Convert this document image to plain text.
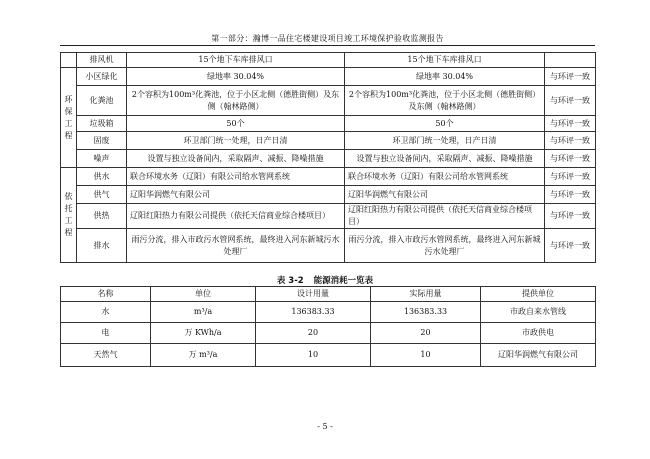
第一部分：瀚博一品住宅楼建设项目竣工环境保护验收监测报告
	排风机	15个地下车库排风口	15个地下车库排风口	
环保工程	小区绿化	绿地率 30.04%	绿地率 30.04%	与环评一致
	化粪池	2个容积为100m³化粪池，位于小区北侧（德胜街侧）及东侧（翰林路侧）	2个容积为100m³化粪池，位于小区北侧（德胜街侧）及东侧（翰林路侧）	与环评一致
	垃圾箱	50个	50个	与环评一致
	固废	环卫部门统一处理，日产日清	环卫部门统一处理，日产日清	与环评一致
	噪声	设置与独立设备间内，采取隔声、减振、降噪措施	设置与独立设备间内，采取隔声、减振、降噪措施	与环评一致
依托工程	供水	联合环境水务（辽阳）有限公司给水管网系统	联合环境水务（辽阳）有限公司给水管网系统	与环评一致
	供气	辽阳华润燃气有限公司	辽阳华润燃气有限公司	与环评一致
	供热	辽阳红阳热力有限公司提供（依托天信商业综合楼项目）	辽阳红阳热力有限公司提供（依托天信商业综合楼项目）	与环评一致
	排水	雨污分流，排入市政污水管网系统，最终进入河东新城污水处理厂	雨污分流，排入市政污水管网系统，最终进入河东新城污水处理厂	与环评一致
表 3-2 能源消耗一览表
名称	单位	设计用量	实际用量	提供单位
水	m³/a	136383.33	136383.33	市政自来水管线
电	万 KWh/a	20	20	市政供电
天然气	万 m³/a	10	10	辽阳华润燃气有限公司
- 5 -
